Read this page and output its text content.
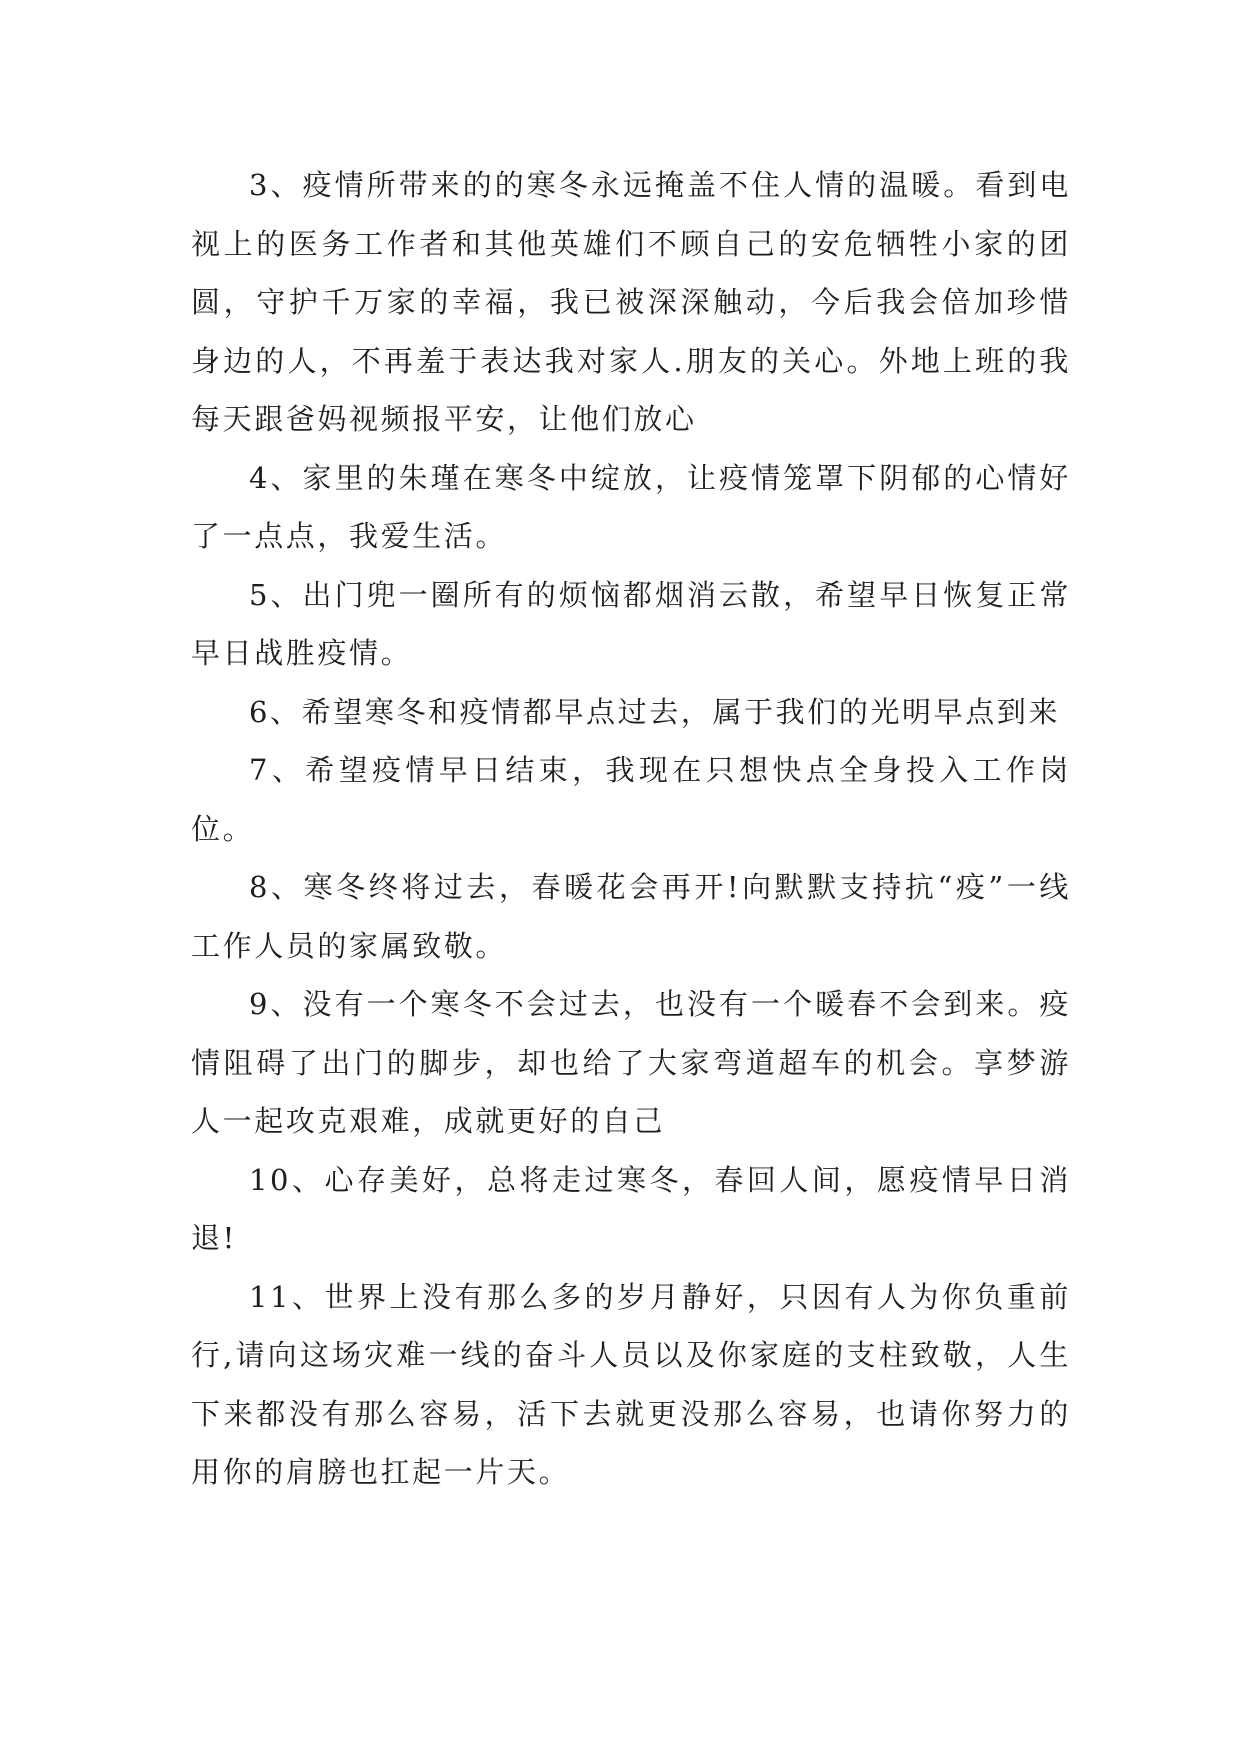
3、疫情所带来的的寒冬永远掩盖不住人情的温暖。看到电视上的医务工作者和其他英雄们不顾自己的安危牺牲小家的团圆，守护千万家的幸福，我已被深深触动，今后我会倍加珍惜身边的人，不再羞于表达我对家人.朋友的关心。外地上班的我每天跟爸妈视频报平安，让他们放心

4、家里的朱瑾在寒冬中绽放，让疫情笼罩下阴郁的心情好了一点点，我爱生活。

5、出门兜一圈所有的烦恼都烟消云散，希望早日恢复正常早日战胜疫情。

6、希望寒冬和疫情都早点过去，属于我们的光明早点到来

7、希望疫情早日结束，我现在只想快点全身投入工作岗位。

8、寒冬终将过去，春暖花会再开!向默默支持抗“疫”一线工作人员的家属致敬。

9、没有一个寒冬不会过去，也没有一个暖春不会到来。疫情阻碍了出门的脚步，却也给了大家弯道超车的机会。享梦游人一起攻克艰难，成就更好的自己

10、心存美好，总将走过寒冬，春回人间，愿疫情早日消退!

11、世界上没有那么多的岁月静好，只因有人为你负重前行,请向这场灾难一线的奋斗人员以及你家庭的支柱致敬，人生下来都没有那么容易，活下去就更没那么容易，也请你努力的用你的肩膀也扛起一片天。
